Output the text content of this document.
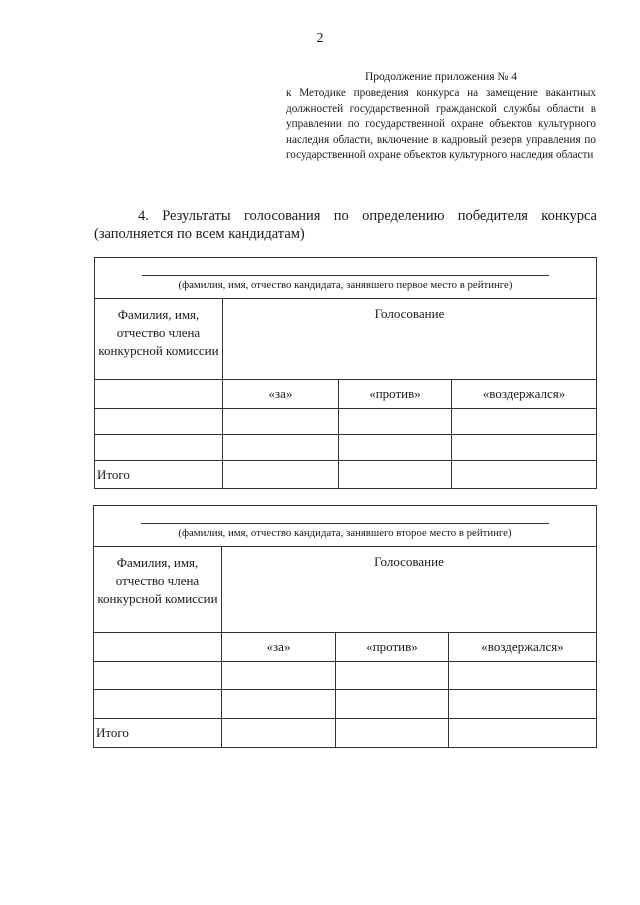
2
Продолжение приложения № 4
к Методике проведения конкурса на замещение вакантных должностей государственной гражданской службы области в управлении по государственной охране объектов культурного наследия области, включение в кадровый резерв управления по государственной охране объектов культурного наследия области
4. Результаты голосования по определению победителя конкурса (заполняется по всем кандидатам)
(фамилия, имя, отчество кандидата, занявшего первое место в рейтинге)			

Фамилия, имя, отчество члена конкурсной комиссии	Голосование		
	«за»	«против»	«воздержался»

Итого			
(фамилия, имя, отчество кандидата, занявшего второе место в рейтинге)			

Фамилия, имя, отчество члена конкурсной комиссии	Голосование		
	«за»	«против»	«воздержался»

Итого			
